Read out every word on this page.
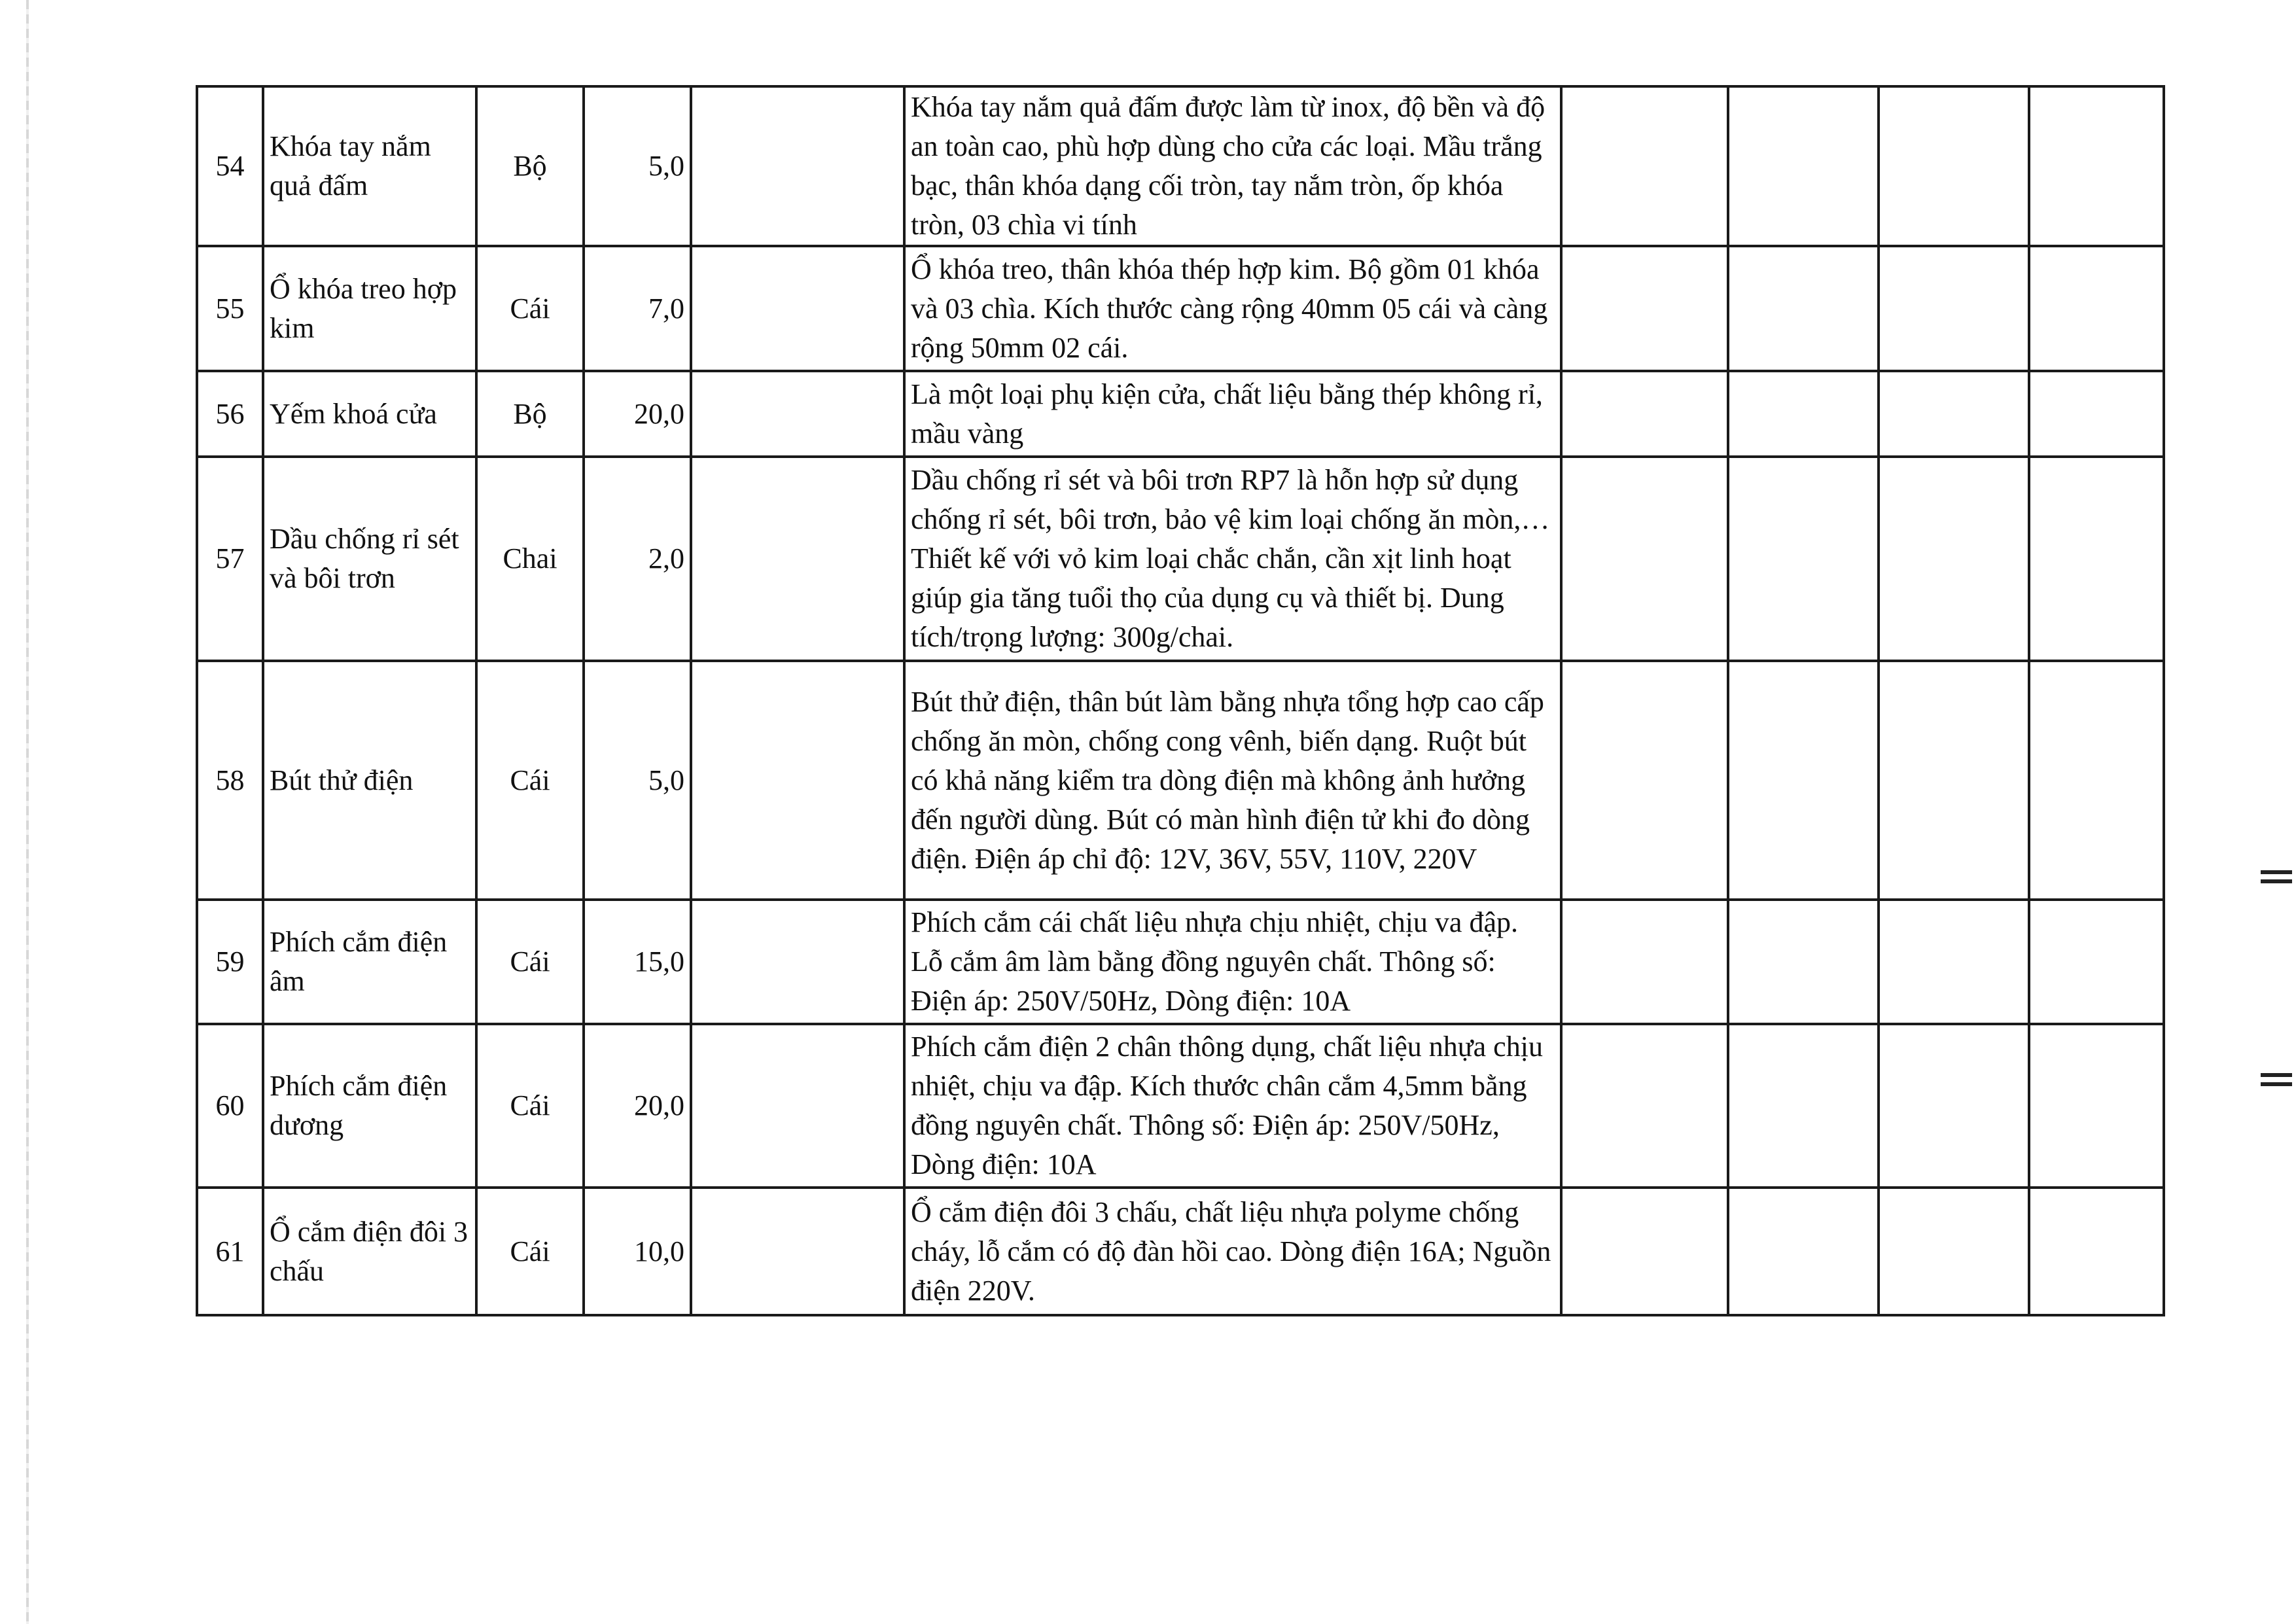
54	Khóa tay nắm quả đấm	Bộ	5,0		Khóa tay nắm quả đấm được làm từ inox, độ bền và độ an toàn cao, phù hợp dùng cho cửa các loại. Mầu trắng bạc, thân khóa dạng cối tròn, tay nắm tròn, ốp khóa tròn, 03 chìa vi tính				
55	Ổ khóa treo hợp kim	Cái	7,0		Ổ khóa treo, thân khóa thép hợp kim. Bộ gồm 01 khóa và 03 chìa. Kích thước càng rộng 40mm 05 cái và càng rộng 50mm 02 cái.				
56	Yếm khoá cửa	Bộ	20,0		Là một loại phụ kiện cửa, chất liệu bằng thép không rỉ, mầu vàng				
57	Dầu chống rỉ sét và bôi trơn	Chai	2,0		Dầu chống rỉ sét và bôi trơn RP7 là hỗn hợp sử dụng chống rỉ sét, bôi trơn, bảo vệ kim loại chống ăn mòn,… Thiết kế với vỏ kim loại chắc chắn, cần xịt linh hoạt giúp gia tăng tuổi thọ của dụng cụ và thiết bị. Dung tích/trọng lượng: 300g/chai.				
58	Bút thử điện	Cái	5,0		Bút thử điện, thân bút làm bằng nhựa tổng hợp cao cấp chống ăn mòn, chống cong vênh, biến dạng. Ruột bút có khả năng kiểm tra dòng điện mà không ảnh hưởng đến người dùng. Bút có màn hình điện tử khi đo dòng điện. Điện áp chỉ độ: 12V, 36V, 55V, 110V, 220V				
59	Phích cắm điện âm	Cái	15,0		Phích cắm cái chất liệu nhựa chịu nhiệt, chịu va đập. Lỗ cắm âm làm bằng đồng nguyên chất. Thông số: Điện áp: 250V/50Hz, Dòng điện: 10A				
60	Phích cắm điện dương	Cái	20,0		Phích cắm điện 2 chân thông dụng, chất liệu nhựa chịu nhiệt, chịu va đập. Kích thước chân cắm 4,5mm bằng đồng nguyên chất. Thông số: Điện áp: 250V/50Hz, Dòng điện: 10A				
61	Ổ cắm điện đôi 3 chấu	Cái	10,0		Ổ cắm điện đôi 3 chấu, chất liệu nhựa polyme chống cháy, lỗ cắm có độ đàn hồi cao. Dòng điện 16A; Nguồn điện 220V.				
